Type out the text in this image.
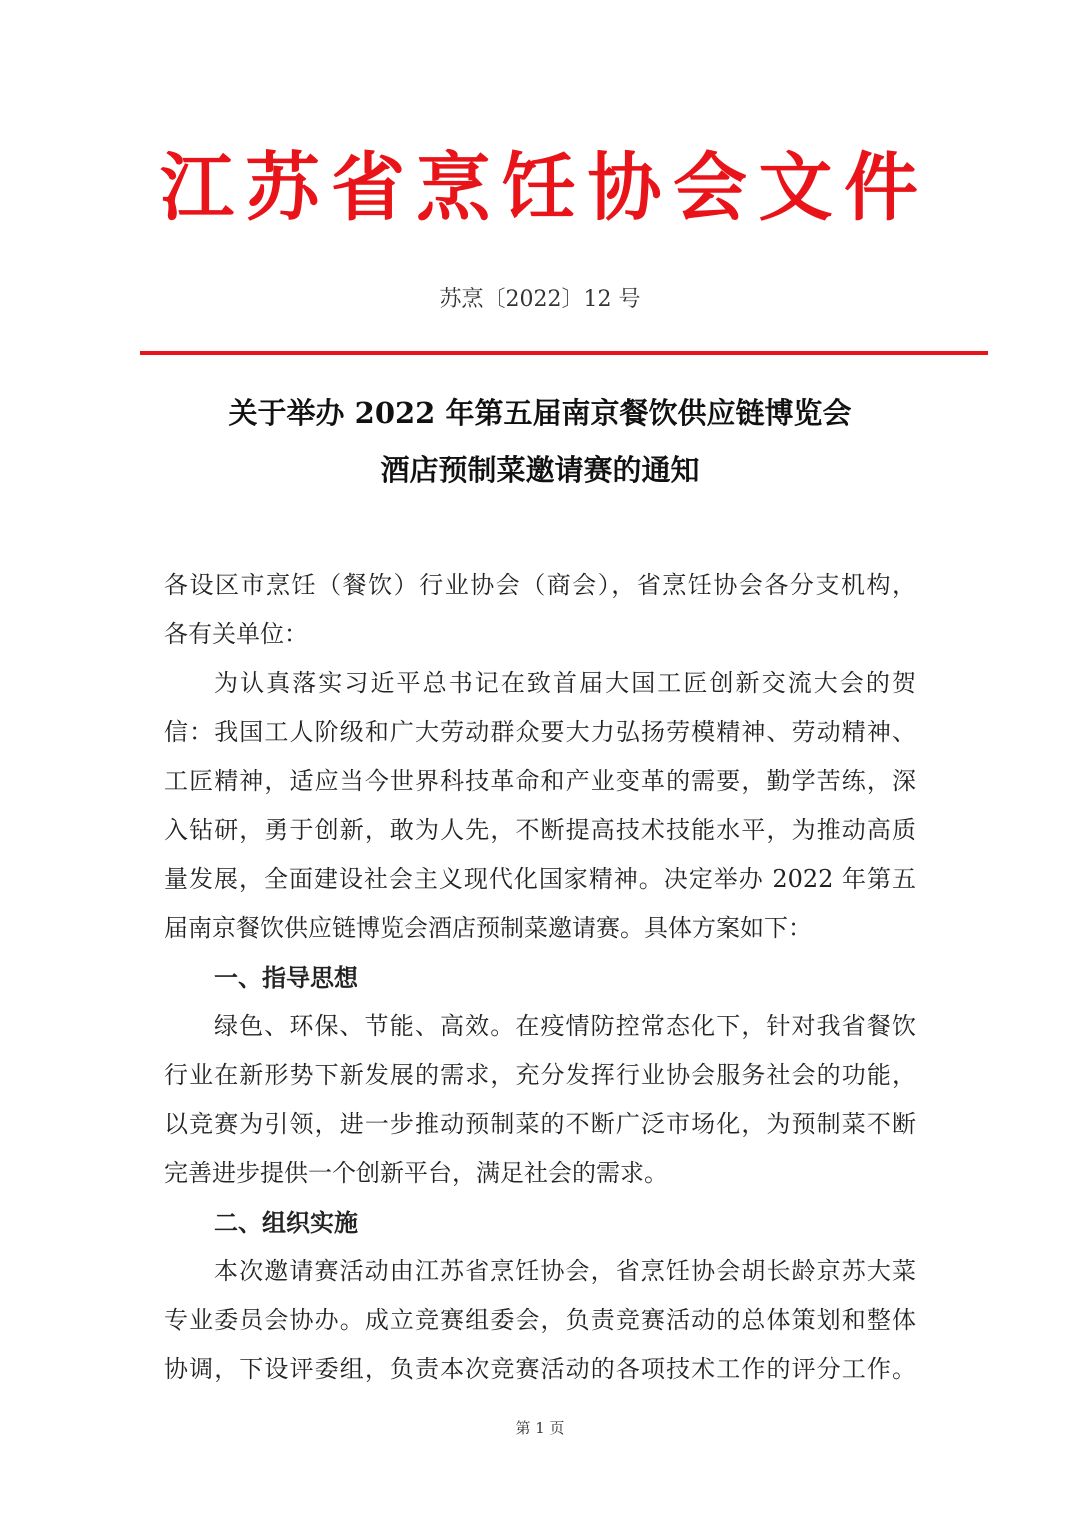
江苏省烹饪协会文件
苏烹〔2022〕12 号
关于举办 2022 年第五届南京餐饮供应链博览会
酒店预制菜邀请赛的通知
各设区市烹饪（餐饮）行业协会（商会），省烹饪协会各分支机构，
各有关单位：
为认真落实习近平总书记在致首届大国工匠创新交流大会的贺
信：我国工人阶级和广大劳动群众要大力弘扬劳模精神、劳动精神、
工匠精神，适应当今世界科技革命和产业变革的需要，勤学苦练，深
入钻研，勇于创新，敢为人先，不断提高技术技能水平，为推动高质
量发展，全面建设社会主义现代化国家精神。决定举办 2022 年第五
届南京餐饮供应链博览会酒店预制菜邀请赛。具体方案如下：
一、指导思想
绿色、环保、节能、高效。在疫情防控常态化下，针对我省餐饮
行业在新形势下新发展的需求，充分发挥行业协会服务社会的功能，
以竞赛为引领，进一步推动预制菜的不断广泛市场化，为预制菜不断
完善进步提供一个创新平台，满足社会的需求。
二、组织实施
本次邀请赛活动由江苏省烹饪协会，省烹饪协会胡长龄京苏大菜
专业委员会协办。成立竞赛组委会，负责竞赛活动的总体策划和整体
协调，下设评委组，负责本次竞赛活动的各项技术工作的评分工作。
第 1 页
